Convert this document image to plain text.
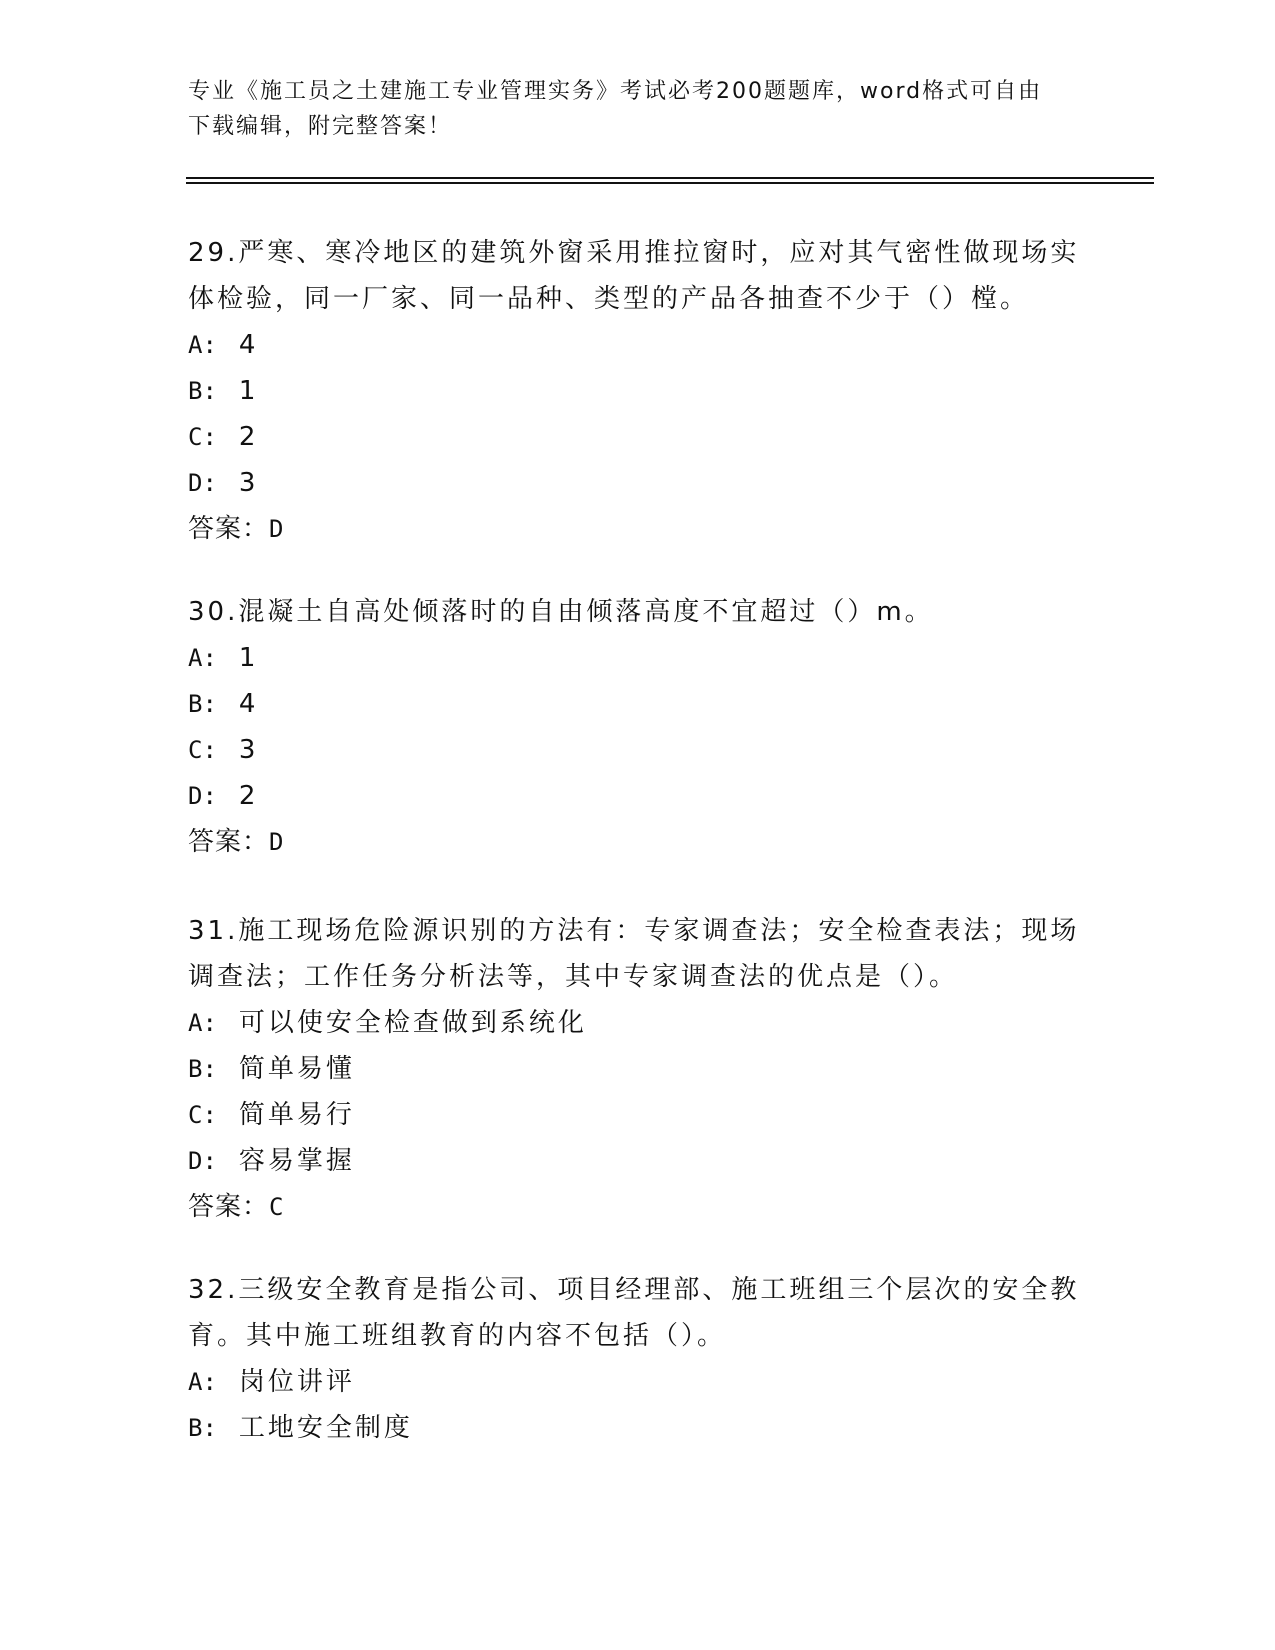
专业《施工员之土建施工专业管理实务》考试必考200题题库，word格式可自由
下载编辑，附完整答案！
29.严寒、寒冷地区的建筑外窗采用推拉窗时，应对其气密性做现场实
体检验，同一厂家、同一品种、类型的产品各抽查不少于（）樘。
A: 4
B: 1
C: 2
D: 3
答案：D
30.混凝土自高处倾落时的自由倾落高度不宜超过（）m。
A: 1
B: 4
C: 3
D: 2
答案：D
31.施工现场危险源识别的方法有：专家调查法；安全检查表法；现场
调查法；工作任务分析法等，其中专家调查法的优点是（）。
A: 可以使安全检查做到系统化
B: 简单易懂
C: 简单易行
D: 容易掌握
答案：C
32.三级安全教育是指公司、项目经理部、施工班组三个层次的安全教
育。其中施工班组教育的内容不包括（）。
A: 岗位讲评
B: 工地安全制度
